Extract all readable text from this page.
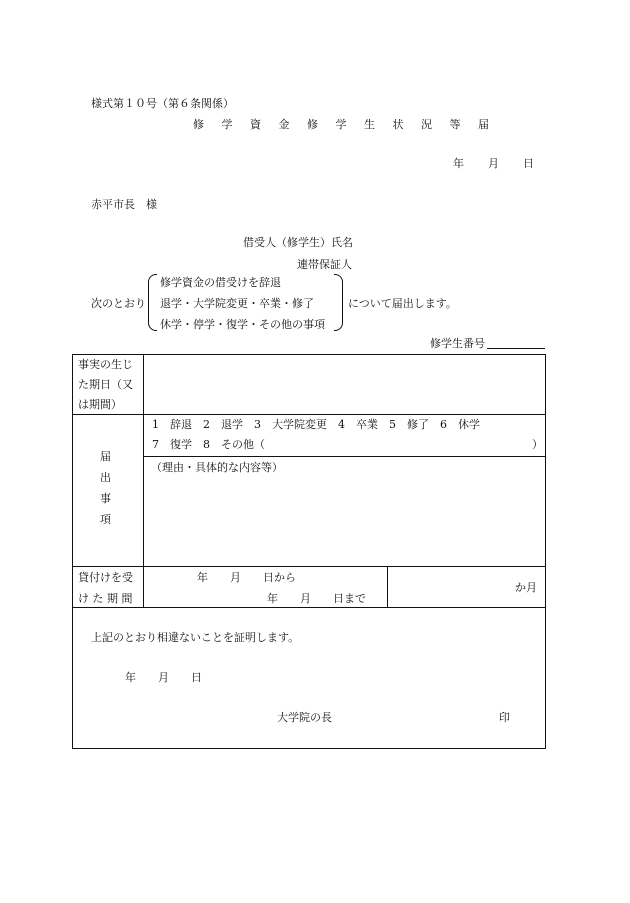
様式第１０号（第６条関係）
修 学 資 金 修 学 生 状 況 等 届
年 月 日
赤平市長　様
借受人（修学生）氏名
連帯保証人
次のとおり
修学資金の借受けを辞退
退学・大学院変更・卒業・修了
休学・停学・復学・その他の事項
について届出します。
修学生番号
事実の生じ
た期日（又
は期間）
届
出
事
項
1　辞退　2　退学　3　大学院変更　4　卒業　5　修了　6　休学
7　復学　8　その他（	）
（理由・具体的な内容等）
貸付けを受
け た 期 間
年　　月　　日から
年　　月　　日まで
か月
上記のとおり相違ないことを証明します。
年　　月　　日
大学院の長	印
